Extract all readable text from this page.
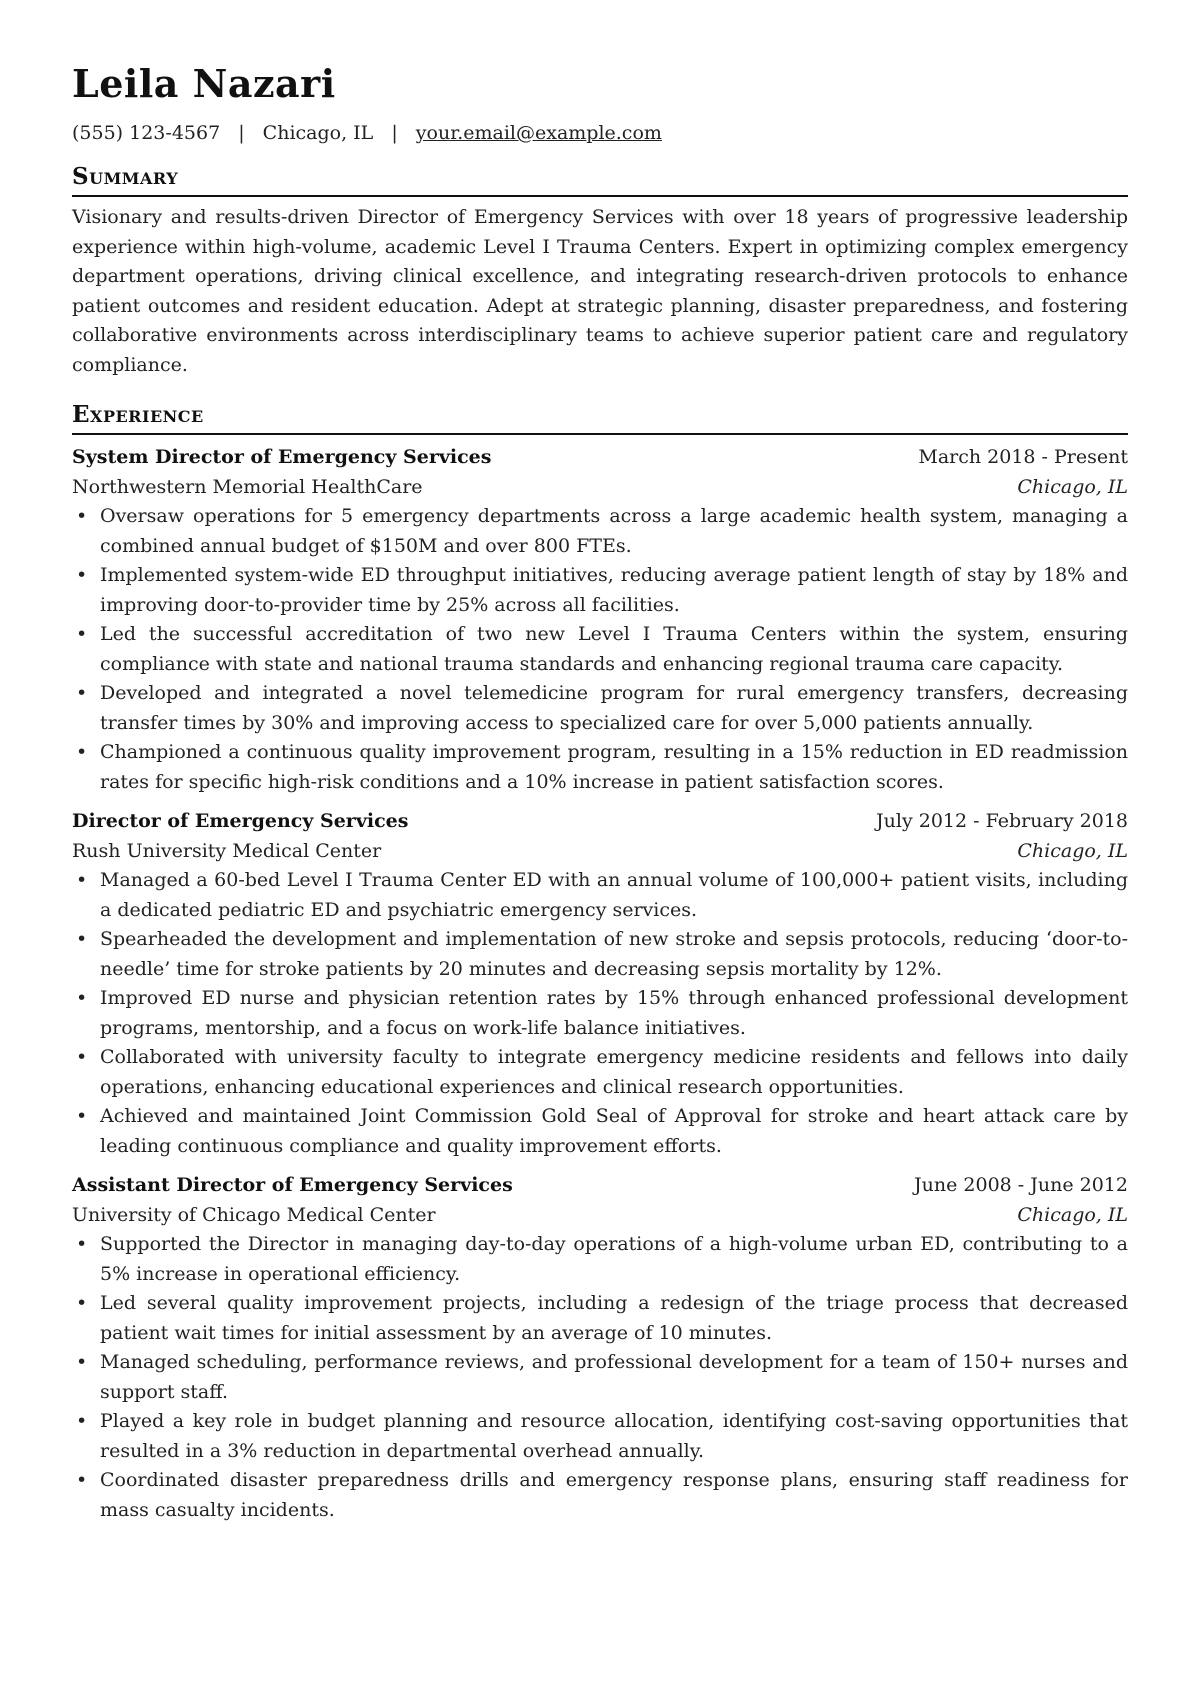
Leila Nazari
(555) 123-4567 | Chicago, IL | your.email@example.com
Summary

Visionary and results-driven Director of Emergency Services with over 18 years of progressive leadership experience within high-volume, academic Level I Trauma Centers. Expert in optimizing complex emergency department operations, driving clinical excellence, and integrating research-driven protocols to enhance patient outcomes and resident education. Adept at strategic planning, disaster preparedness, and fostering collaborative environments across interdisciplinary teams to achieve superior patient care and regulatory compliance.

Experience
System Director of Emergency Services	March 2018 - Present
Northwestern Memorial HealthCare	Chicago, IL
• Oversaw operations for 5 emergency departments across a large academic health system, managing a combined annual budget of $150M and over 800 FTEs.
• Implemented system-wide ED throughput initiatives, reducing average patient length of stay by 18% and improving door-to-provider time by 25% across all facilities.
• Led the successful accreditation of two new Level I Trauma Centers within the system, ensuring compliance with state and national trauma standards and enhancing regional trauma care capacity.
• Developed and integrated a novel telemedicine program for rural emergency transfers, decreasing transfer times by 30% and improving access to specialized care for over 5,000 patients annually.
• Championed a continuous quality improvement program, resulting in a 15% reduction in ED readmission rates for specific high-risk conditions and a 10% increase in patient satisfaction scores.
Director of Emergency Services	July 2012 - February 2018
Rush University Medical Center	Chicago, IL
• Managed a 60-bed Level I Trauma Center ED with an annual volume of 100,000+ patient visits, including a dedicated pediatric ED and psychiatric emergency services.
• Spearheaded the development and implementation of new stroke and sepsis protocols, reducing ‘door-to-needle’ time for stroke patients by 20 minutes and decreasing sepsis mortality by 12%.
• Improved ED nurse and physician retention rates by 15% through enhanced professional development programs, mentorship, and a focus on work-life balance initiatives.
• Collaborated with university faculty to integrate emergency medicine residents and fellows into daily operations, enhancing educational experiences and clinical research opportunities.
• Achieved and maintained Joint Commission Gold Seal of Approval for stroke and heart attack care by leading continuous compliance and quality improvement efforts.
Assistant Director of Emergency Services	June 2008 - June 2012
University of Chicago Medical Center	Chicago, IL
• Supported the Director in managing day-to-day operations of a high-volume urban ED, contributing to a 5% increase in operational efficiency.
• Led several quality improvement projects, including a redesign of the triage process that decreased patient wait times for initial assessment by an average of 10 minutes.
• Managed scheduling, performance reviews, and professional development for a team of 150+ nurses and support staff.
• Played a key role in budget planning and resource allocation, identifying cost-saving opportunities that resulted in a 3% reduction in departmental overhead annually.
• Coordinated disaster preparedness drills and emergency response plans, ensuring staff readiness for mass casualty incidents.
